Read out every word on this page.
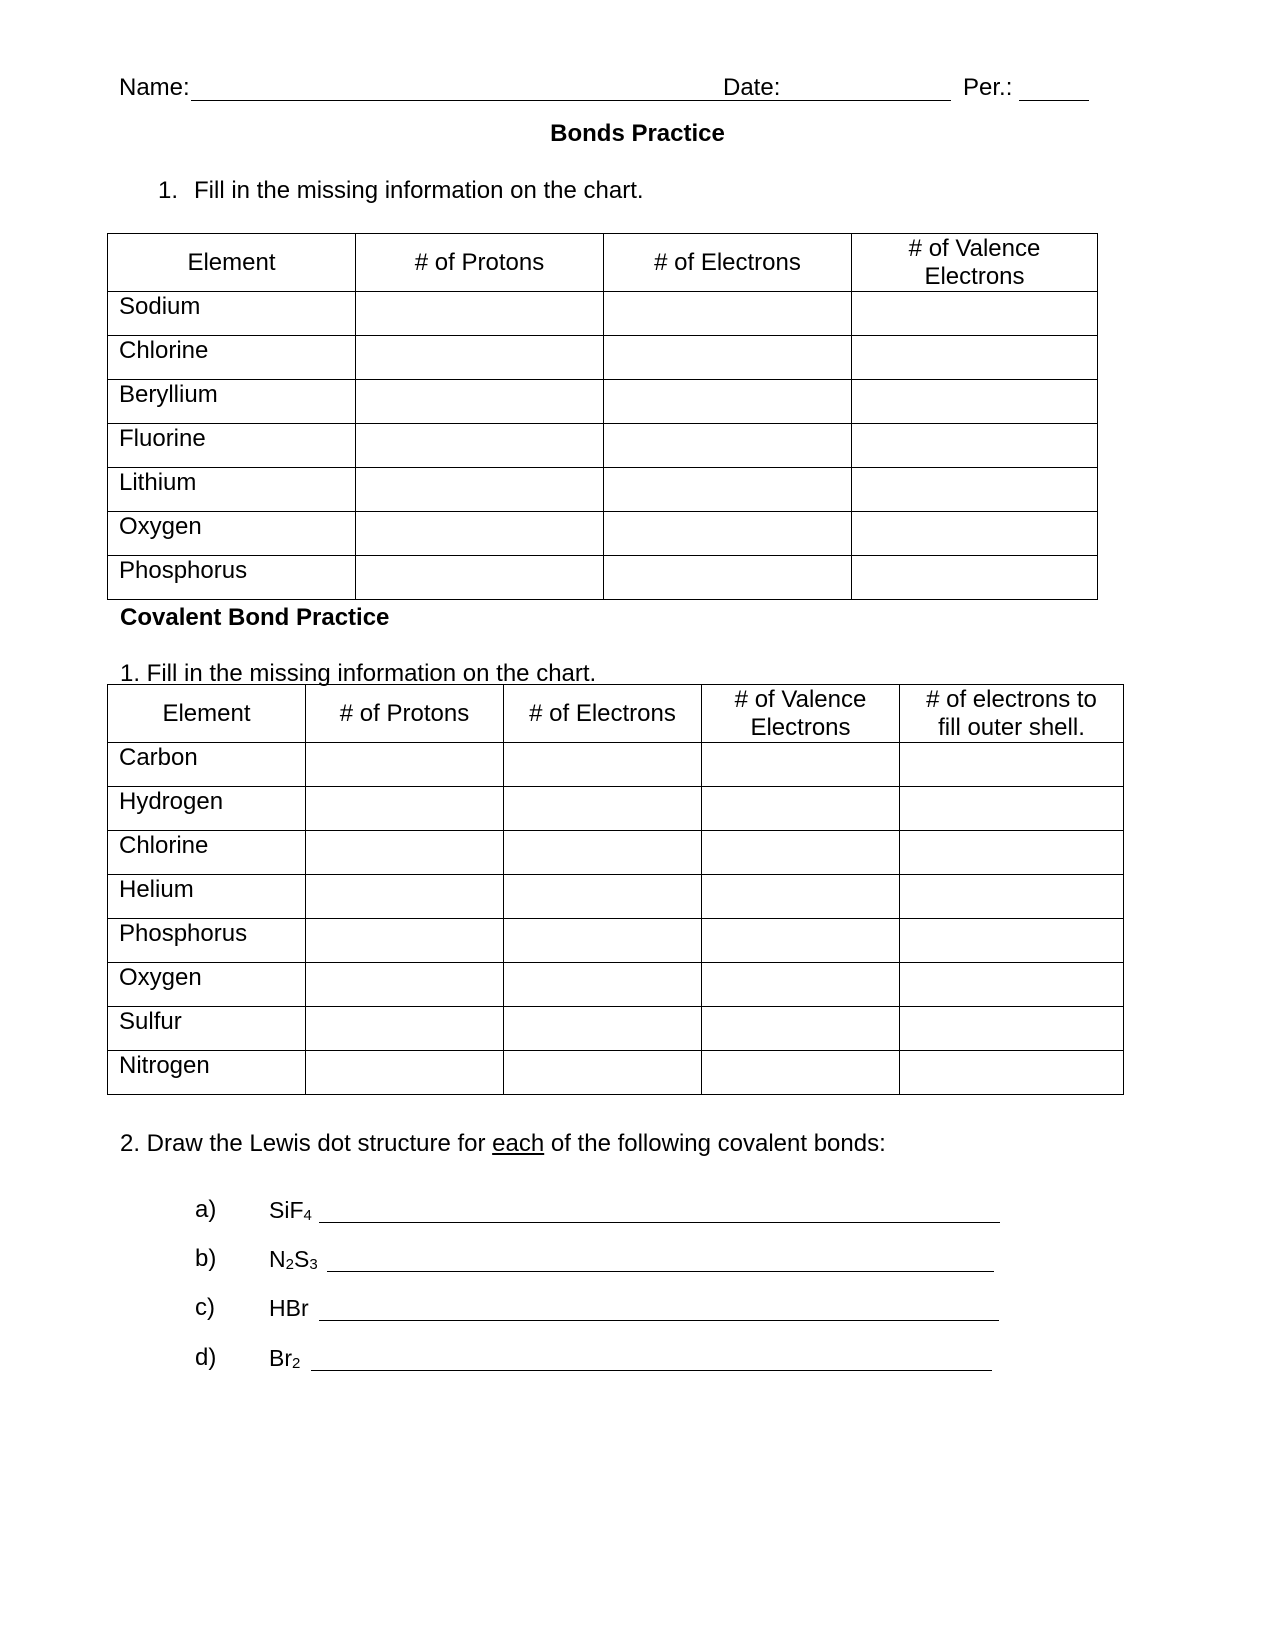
Name:	Date:	Per.:
Bonds Practice
1. Fill in the missing information on the chart.
Element	# of Protons	# of Electrons	# of Valence Electrons
Sodium			
Chlorine			
Beryllium			
Fluorine			
Lithium			
Oxygen			
Phosphorus			
Covalent Bond Practice
1. Fill in the missing information on the chart.
Element	# of Protons	# of Electrons	# of Valence Electrons	# of electrons to fill outer shell.
Carbon				
Hydrogen				
Chlorine				
Helium				
Phosphorus				
Oxygen				
Sulfur				
Nitrogen				
2. Draw the Lewis dot structure for each of the following covalent bonds:
a) SiF$_4$
b) $N_2S_3$
c) HBr
d) $Br_2$
